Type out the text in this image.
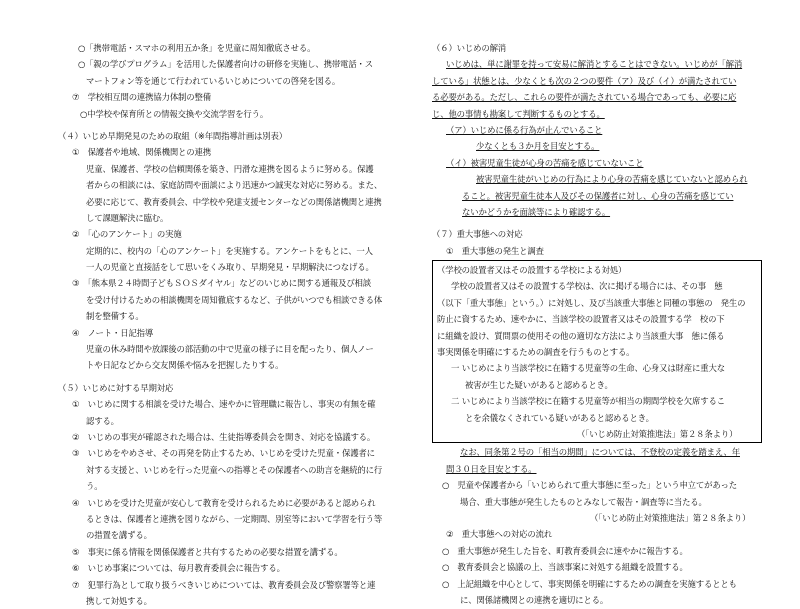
○「携帯電話・スマホの利用五か条」を児童に周知徹底させる。
○「親の学びプログラム」を活用した保護者向けの研修を実施し、携帯電話・ス
マートフォン等を通じて行われているいじめについての啓発を図る。
⑦　学校相互間の連携協力体制の整備
○中学校や保育所との情報交換や交流学習を行う。
（４）いじめ早期発見のための取組（※年間指導計画は別表）
①　保護者や地域、関係機関との連携
児童、保護者、学校の信頼関係を築き、円滑な連携を図るように努める。保護
者からの相談には、家庭訪問や面談により迅速かつ誠実な対応に努める。また、
必要に応じて、教育委員会、中学校や発達支援センターなどの関係諸機関と連携
して課題解決に臨む。
②　「心のアンケート」の実施
定期的に、校内の「心のアンケート」を実施する。アンケートをもとに、一人
一人の児童と直接話をして思いをくみ取り、早期発見・早期解決につなげる。
③　「熊本県２４時間子どもＳＯＳダイヤル」などのいじめに関する通報及び相談
を受け付けるための相談機関を周知徹底するなど、子供がいつでも相談できる体
制を整備する。
④　ノート・日記指導
児童の休み時間や放課後の部活動の中で児童の様子に目を配ったり、個人ノー
トや日記などから交友関係や悩みを把握したりする。
（５）いじめに対する早期対応
①　いじめに関する相談を受けた場合、速やかに管理職に報告し、事実の有無を確
認する。
②　いじめの事実が確認された場合は、生徒指導委員会を開き、対応を協議する。
③　いじめをやめさせ、その再発を防止するため、いじめを受けた児童・保護者に
対する支援と、いじめを行った児童への指導とその保護者への助言を継続的に行
う。
④　いじめを受けた児童が安心して教育を受けられるために必要があると認められ
るときは、保護者と連携を図りながら、一定期間、別室等において学習を行う等
の措置を講ずる。
⑤　事実に係る情報を関係保護者と共有するための必要な措置を講ずる。
⑥　いじめ事案については、毎月教育委員会に報告する。
⑦　犯罪行為として取り扱うべきいじめについては、教育委員会及び警察署等と連
携して対処する。
（６）いじめの解消
いじめは、単に謝罪を持って安易に解消とすることはできない。いじめが「解消
している」状態とは、少なくとも次の２つの要件（ア）及び（イ）が満たされてい
る必要がある。ただし、これらの要件が満たされている場合であっても、必要に応
じ、他の事情も勘案して判断するものとする。
（ア）いじめに係る行為が止んでいること
少なくとも３か月を目安とする。
（イ）被害児童生徒が心身の苦痛を感じていないこと
被害児童生徒がいじめの行為により心身の苦痛を感じていないと認められ
ること。被害児童生徒本人及びその保護者に対し、心身の苦痛を感じてい
ないかどうかを面談等により確認する。
（７）重大事態への対応
①　重大事態の発生と調査
（学校の設置者又はその設置する学校による対処）
学校の設置者又はその設置する学校は、次に掲げる場合には、その事　態
（以下「重大事態」という。）に対処し、及び当該重大事態と同種の事態の　発生の
防止に資するため、速やかに、当該学校の設置者又はその設置する学　校の下
に組織を設け、質問票の使用その他の適切な方法により当該重大事　態に係る
事実関係を明確にするための調査を行うものとする。
一 いじめにより当該学校に在籍する児童等の生命、心身又は財産に重大な
被害が生じた疑いがあると認めるとき。
二 いじめにより当該学校に在籍する児童等が相当の期間学校を欠席するこ
とを余儀なくされている疑いがあると認めるとき。
（「いじめ防止対策推進法」第２８条より）
なお、同条第２号の「相当の期間」については、不登校の定義を踏まえ、年
間３０日を目安とする。
○　児童や保護者から「いじめられて重大事態に至った」という申立てがあった
場合、重大事態が発生したものとみなして報告・調査等に当たる。
（「いじめ防止対策推進法」第２８条より）
②　重大事態への対応の流れ
○　重大事態が発生した旨を、町教育委員会に速やかに報告する。
○　教育委員会と協議の上、当該事案に対処する組織を設置する。
○　上記組織を中心として、事実関係を明確にするための調査を実施するととも
に、関係諸機関との連携を適切にとる。
